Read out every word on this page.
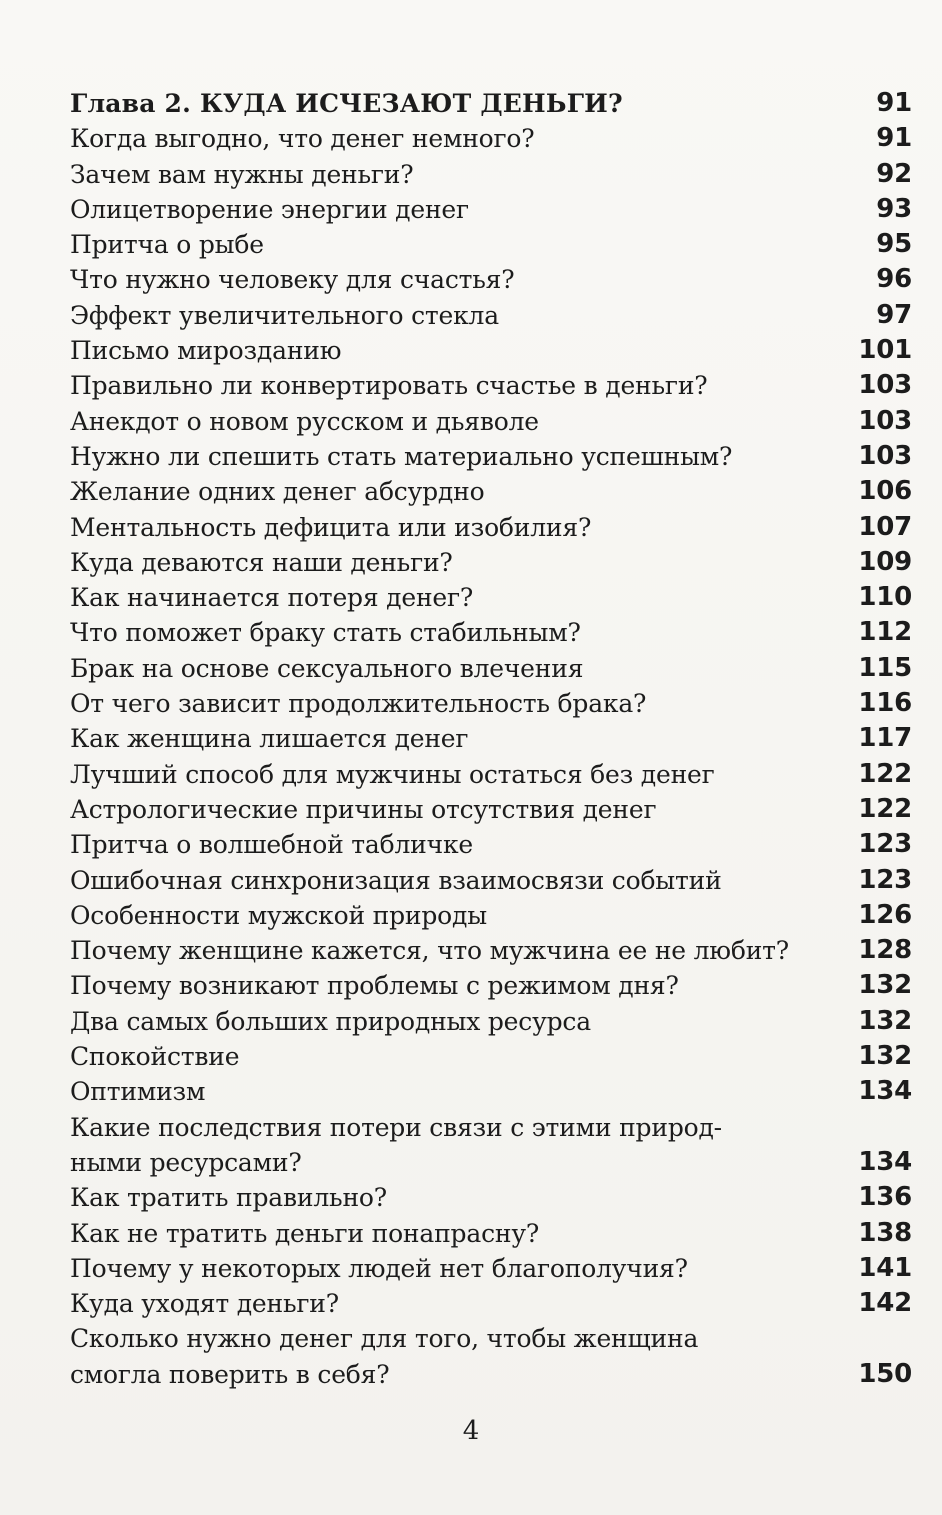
Глава 2. КУДА ИСЧЕЗАЮТ ДЕНЬГИ?	91
Когда выгодно, что денег немного?	91
Зачем вам нужны деньги?	92
Олицетворение энергии денег	93
Притча о рыбе	95
Что нужно человеку для счастья?	96
Эффект увеличительного стекла	97
Письмо мирозданию	101
Правильно ли конвертировать счастье в деньги?	103
Анекдот о новом русском и дьяволе	103
Нужно ли спешить стать материально успешным?	103
Желание одних денег абсурдно	106
Ментальность дефицита или изобилия?	107
Куда деваются наши деньги?	109
Как начинается потеря денег?	110
Что поможет браку стать стабильным?	112
Брак на основе сексуального влечения	115
От чего зависит продолжительность брака?	116
Как женщина лишается денег	117
Лучший способ для мужчины остаться без денег	122
Астрологические причины отсутствия денег	122
Притча о волшебной табличке	123
Ошибочная синхронизация взаимосвязи событий	123
Особенности мужской природы	126
Почему женщине кажется, что мужчина ее не любит?	128
Почему возникают проблемы с режимом дня?	132
Два самых больших природных ресурса	132
Спокойствие	132
Оптимизм	134
Какие последствия потери связи с этими природ-
ными ресурсами?	134
Как тратить правильно?	136
Как не тратить деньги понапрасну?	138
Почему у некоторых людей нет благополучия?	141
Куда уходят деньги?	142
Сколько нужно денег для того, чтобы женщина
смогла поверить в себя?	150
4
